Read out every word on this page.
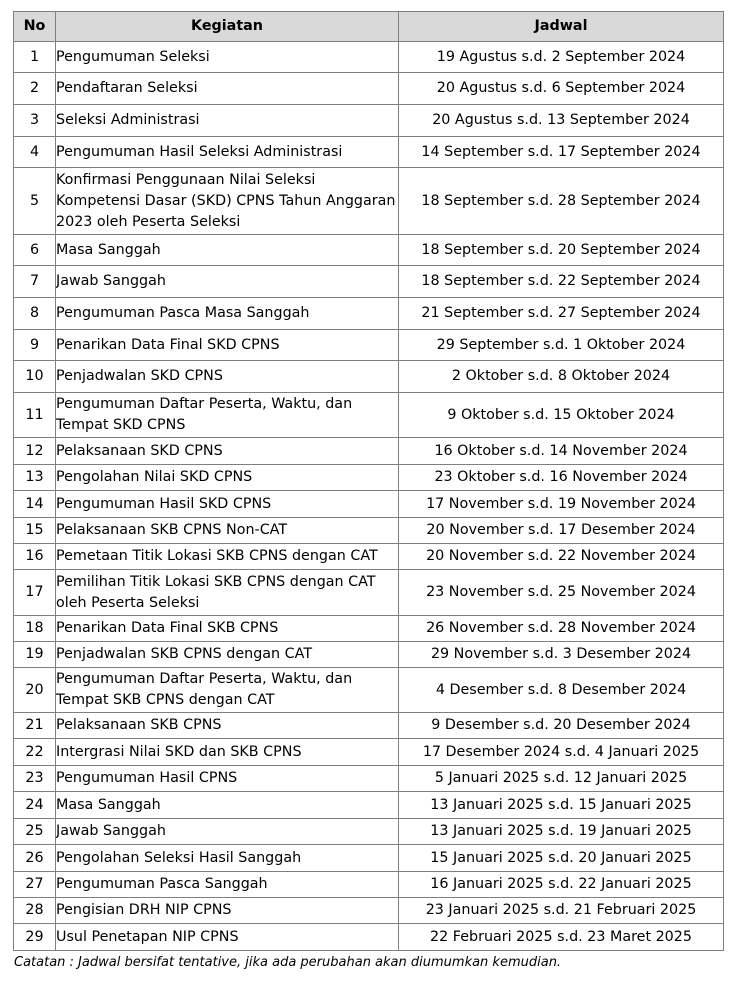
No	Kegiatan	Jadwal
1	Pengumuman Seleksi	19 Agustus s.d. 2 September 2024
2	Pendaftaran Seleksi	20 Agustus s.d. 6 September 2024
3	Seleksi Administrasi	20 Agustus s.d. 13 September 2024
4	Pengumuman Hasil Seleksi Administrasi	14 September s.d. 17 September 2024
5	Konfirmasi Penggunaan Nilai Seleksi Kompetensi Dasar (SKD) CPNS Tahun Anggaran 2023 oleh Peserta Seleksi	18 September s.d. 28 September 2024
6	Masa Sanggah	18 September s.d. 20 September 2024
7	Jawab Sanggah	18 September s.d. 22 September 2024
8	Pengumuman Pasca Masa Sanggah	21 September s.d. 27 September 2024
9	Penarikan Data Final SKD CPNS	29 September s.d. 1 Oktober 2024
10	Penjadwalan SKD CPNS	2 Oktober s.d. 8 Oktober 2024
11	Pengumuman Daftar Peserta, Waktu, dan Tempat SKD CPNS	9 Oktober s.d. 15 Oktober 2024
12	Pelaksanaan SKD CPNS	16 Oktober s.d. 14 November 2024
13	Pengolahan Nilai SKD CPNS	23 Oktober s.d. 16 November 2024
14	Pengumuman Hasil SKD CPNS	17 November s.d. 19 November 2024
15	Pelaksanaan SKB CPNS Non-CAT	20 November s.d. 17 Desember 2024
16	Pemetaan Titik Lokasi SKB CPNS dengan CAT	20 November s.d. 22 November 2024
17	Pemilihan Titik Lokasi SKB CPNS dengan CAT oleh Peserta Seleksi	23 November s.d. 25 November 2024
18	Penarikan Data Final SKB CPNS	26 November s.d. 28 November 2024
19	Penjadwalan SKB CPNS dengan CAT	29 November s.d. 3 Desember 2024
20	Pengumuman Daftar Peserta, Waktu, dan Tempat SKB CPNS dengan CAT	4 Desember s.d. 8 Desember 2024
21	Pelaksanaan SKB CPNS	9 Desember s.d. 20 Desember 2024
22	Intergrasi Nilai SKD dan SKB CPNS	17 Desember 2024 s.d. 4 Januari 2025
23	Pengumuman Hasil CPNS	5 Januari 2025 s.d. 12 Januari 2025
24	Masa Sanggah	13 Januari 2025 s.d. 15 Januari 2025
25	Jawab Sanggah	13 Januari 2025 s.d. 19 Januari 2025
26	Pengolahan Seleksi Hasil Sanggah	15 Januari 2025 s.d. 20 Januari 2025
27	Pengumuman Pasca Sanggah	16 Januari 2025 s.d. 22 Januari 2025
28	Pengisian DRH NIP CPNS	23 Januari 2025 s.d. 21 Februari 2025
29	Usul Penetapan NIP CPNS	22 Februari 2025 s.d. 23 Maret 2025
Catatan : Jadwal bersifat tentative, jika ada perubahan akan diumumkan kemudian.
